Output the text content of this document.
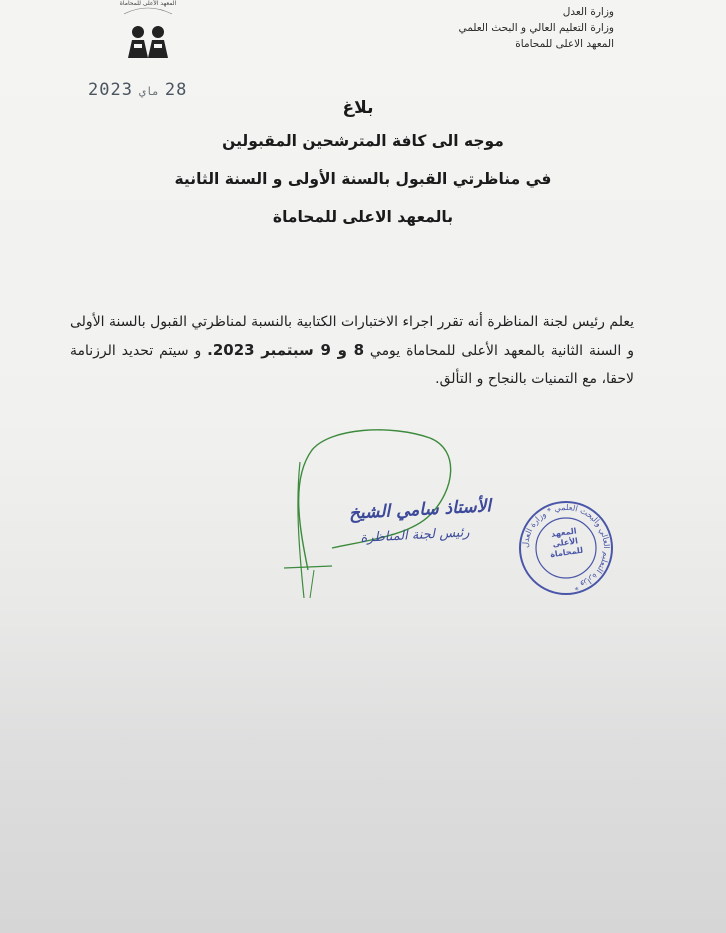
المعهد الأعلى للمحاماة
وزارة العدل
وزارة التعليم العالي و البحث العلمي
المعهد الاعلى للمحاماة
2023 ماي 28
بلاغ
موجه الى كافة المترشحين المقبولين
في مناظرتي القبول بالسنة الأولى و السنة الثانية
بالمعهد الاعلى للمحاماة
يعلم رئيس لجنة المناظرة أنه تقرر اجراء الاختبارات الكتابية بالنسبة لمناظرتي القبول بالسنة الأولى و السنة الثانية بالمعهد الأعلى للمحاماة يومي 8 و 9 سبتمبر 2023. و سيتم تحديد الرزنامة لاحقا، مع التمنيات بالنجاح و التألق.
الأستاذ سامي الشيخ
رئيس لجنة المناظرة	وزارة التعليم العالي والبحث العلمي * وزارة العدل *
المعهد الأعلى للمحاماة
